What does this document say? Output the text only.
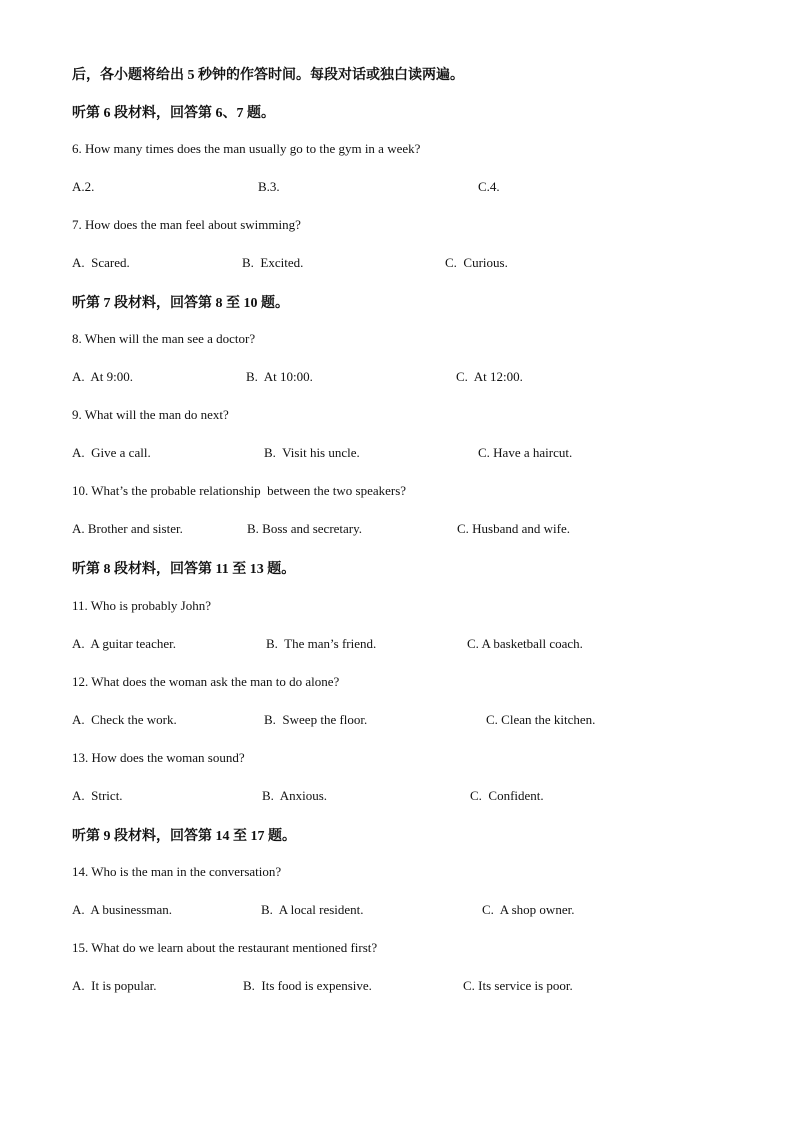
后，各小题将给出 5 秒钟的作答时间。每段对话或独白读两遍。
听第 6 段材料，回答第 6、7 题。
6. How many times does the man usually go to the gym in a week?
A.2.	B.3.	C.4.
7. How does the man feel about swimming?
A.  Scared.	B.  Excited.	C.  Curious.
听第 7 段材料，回答第 8 至 10 题。
8. When will the man see a doctor?
A.  At 9:00.	B.  At 10:00.	C.  At 12:00.
9. What will the man do next?
A.  Give a call.	B.  Visit his uncle.	C. Have a haircut.
10. What’s the probable relationship  between the two speakers?
A. Brother and sister.	B. Boss and secretary.	C. Husband and wife.
听第 8 段材料，回答第 11 至 13 题。
11. Who is probably John?
A.  A guitar teacher.	B.  The man’s friend.	C. A basketball coach.
12. What does the woman ask the man to do alone?
A.  Check the work.	B.  Sweep the floor.	C. Clean the kitchen.
13. How does the woman sound?
A.  Strict.	B.  Anxious.	C.  Confident.
听第 9 段材料，回答第 14 至 17 题。
14. Who is the man in the conversation?
A.  A businessman.	B.  A local resident.	C.  A shop owner.
15. What do we learn about the restaurant mentioned first?
A.  It is popular.	B.  Its food is expensive.	C. Its service is poor.
